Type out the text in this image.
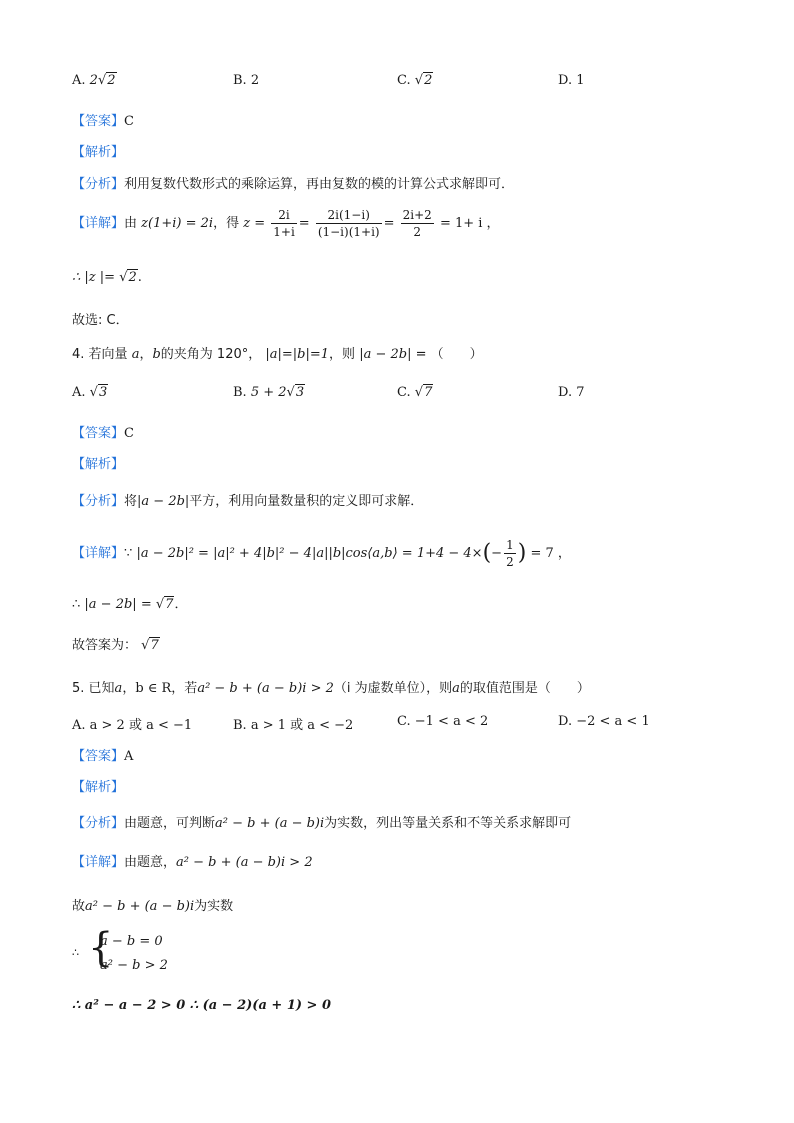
A. 2√2	B. 2	C. √2	D. 1
【答案】C
【解析】
【分析】利用复数代数形式的乘除运算，再由复数的模的计算公式求解即可．
【详解】由 z(1+i) = 2i，得 $z = \frac{2i}{1+i} = \frac{2i(1-i)}{(1-i)(1+i)} = \frac{2i+2}{2} = 1+ i$ ，
∴ |z |= √2.
故选: C．
4. 若向量 a，b的夹角为 120°， |a|=|b|=1，则 |a − 2b| = （　　）
A. √3	B. 5 + 2√3	C. √7	D. 7
【答案】C
【解析】
【分析】将|a − 2b|平方，利用向量数量积的定义即可求解．
【详解】∵ |a − 2b|² = |a|² + 4|b|² − 4|a||b|cos⟨a,b⟩ = $1+4 - 4\times(- \frac{1}{2}$ ) = 7 ，
∴ |a − 2b| = √7．
故答案为： √7
5. 已知a，b ∈ R，若a² − b + (a − b)i > 2（i 为虚数单位），则a的取值范围是（　　）
A. a > 2 或 a < −1	B. a > 1 或 a < −2	C. −1 < a < 2	D. −2 < a < 1
【答案】A
【解析】
【分析】由题意，可判断a² − b + (a − b)i为实数，列出等量关系和不等关系求解即可
【详解】由题意，a² − b + (a − b)i > 2
故a² − b + (a − b)i为实数
∴ {
a − b = 0
a² − b > 2
∴ a² − a − 2 > 0 ∴ (a − 2)(a + 1) > 0
